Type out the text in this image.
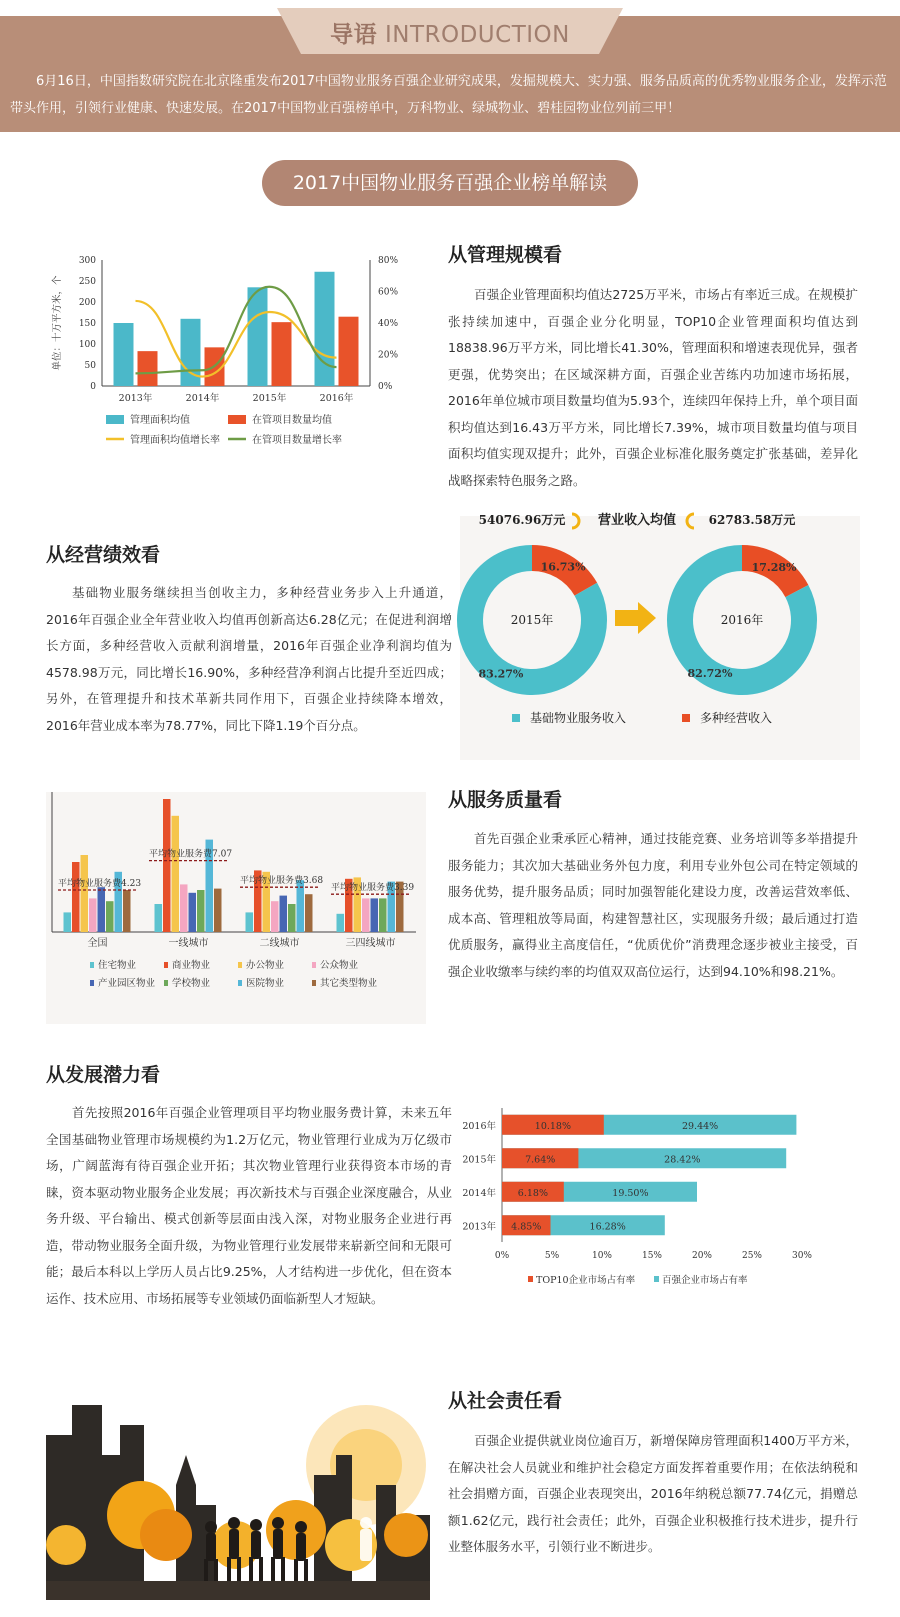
导语 INTRODUCTION

6月16日，中国指数研究院在北京隆重发布2017中国物业服务百强企业研究成果，发掘规模大、实力强、服务品质高的优秀物业服务企业，发挥示范带头作用，引领行业健康、快速发展。在2017中国物业百强榜单中，万科物业、绿城物业、碧桂园物业位列前三甲！

2017中国物业服务百强企业榜单解读
0
50
100
150
200
250
300
0%
20%
40%
60%
80%
单位：十万平方米，个
2013年	2014年	2015年	2016年
管理面积均值	在管项目数量均值
管理面积均值增长率	在管项目数量增长率
从管理规模看

百强企业管理面积均值达2725万平米，市场占有率近三成。在规模扩张持续加速中，百强企业分化明显，TOP10企业管理面积均值达到18838.96万平方米，同比增长41.30%，管理面积和增速表现优异，强者更强，优势突出；在区域深耕方面，百强企业苦练内功加速市场拓展，2016年单位城市项目数量均值为5.93个，连续四年保持上升，单个项目面积均值达到16.43万平方米，同比增长7.39%，城市项目数量均值与项目面积均值实现双提升；此外，百强企业标准化服务奠定扩张基础，差异化战略探索特色服务之路。

从经营绩效看

基础物业服务继续担当创收主力，多种经营业务步入上升通道，2016年百强企业全年营业收入均值再创新高达6.28亿元；在促进利润增长方面，多种经营收入贡献利润增量，2016年百强企业净利润均值为4578.98万元，同比增长16.90%，多种经营净利润占比提升至近四成；另外，在管理提升和技术革新共同作用下，百强企业持续降本增效，2016年营业成本率为78.77%，同比下降1.19个百分点。

16.73%
83.27%
2015年
54076.96万元
17.28%
82.72%
2016年
62783.58万元
营业收入均值
基础物业服务收入	多种经营收入
平均物业服务费4.23
全国
平均物业服务费7.07
一线城市
平均物业服务费3.68
二线城市
平均物业服务费3.39
三四线城市
住宅物业	商业物业	办公物业	公众物业
产业园区物业 学校物业	医院物业	其它类型物业
从服务质量看

首先百强企业秉承匠心精神，通过技能竞赛、业务培训等多举措提升服务能力；其次加大基础业务外包力度，利用专业外包公司在特定领域的服务优势，提升服务品质；同时加强智能化建设力度，改善运营效率低、成本高、管理粗放等局面，构建智慧社区，实现服务升级；最后通过打造优质服务，赢得业主高度信任，“优质优价”消费理念逐步被业主接受，百强企业收缴率与续约率的均值双双高位运行，达到94.10%和98.21%。

从发展潜力看

首先按照2016年百强企业管理项目平均物业服务费计算，未来五年全国基础物业管理市场规模约为1.2万亿元，物业管理行业成为万亿级市场，广阔蓝海有待百强企业开拓；其次物业管理行业获得资本市场的青睐，资本驱动物业服务企业发展；再次新技术与百强企业深度融合，从业务升级、平台输出、模式创新等层面由浅入深，对物业服务企业进行再造，带动物业服务全面升级，为物业管理行业发展带来崭新空间和无限可能；最后本科以上学历人员占比9.25%，人才结构进一步优化，但在资本运作、技术应用、市场拓展等专业领域仍面临新型人才短缺。

0%	5%	10%	15%	20%	25%	30%
10.18%	29.44%
2016年
7.64%	28.42%
2015年
6.18%	19.50%
2014年
4.85%	16.28%
2013年
TOP10企业市场占有率	百强企业市场占有率
从社会责任看

百强企业提供就业岗位逾百万，新增保障房管理面积1400万平方米，在解决社会人员就业和维护社会稳定方面发挥着重要作用；在依法纳税和社会捐赠方面，百强企业表现突出，2016年纳税总额77.74亿元，捐赠总额1.62亿元，践行社会责任；此外，百强企业积极推行技术进步，提升行业整体服务水平，引领行业不断进步。
